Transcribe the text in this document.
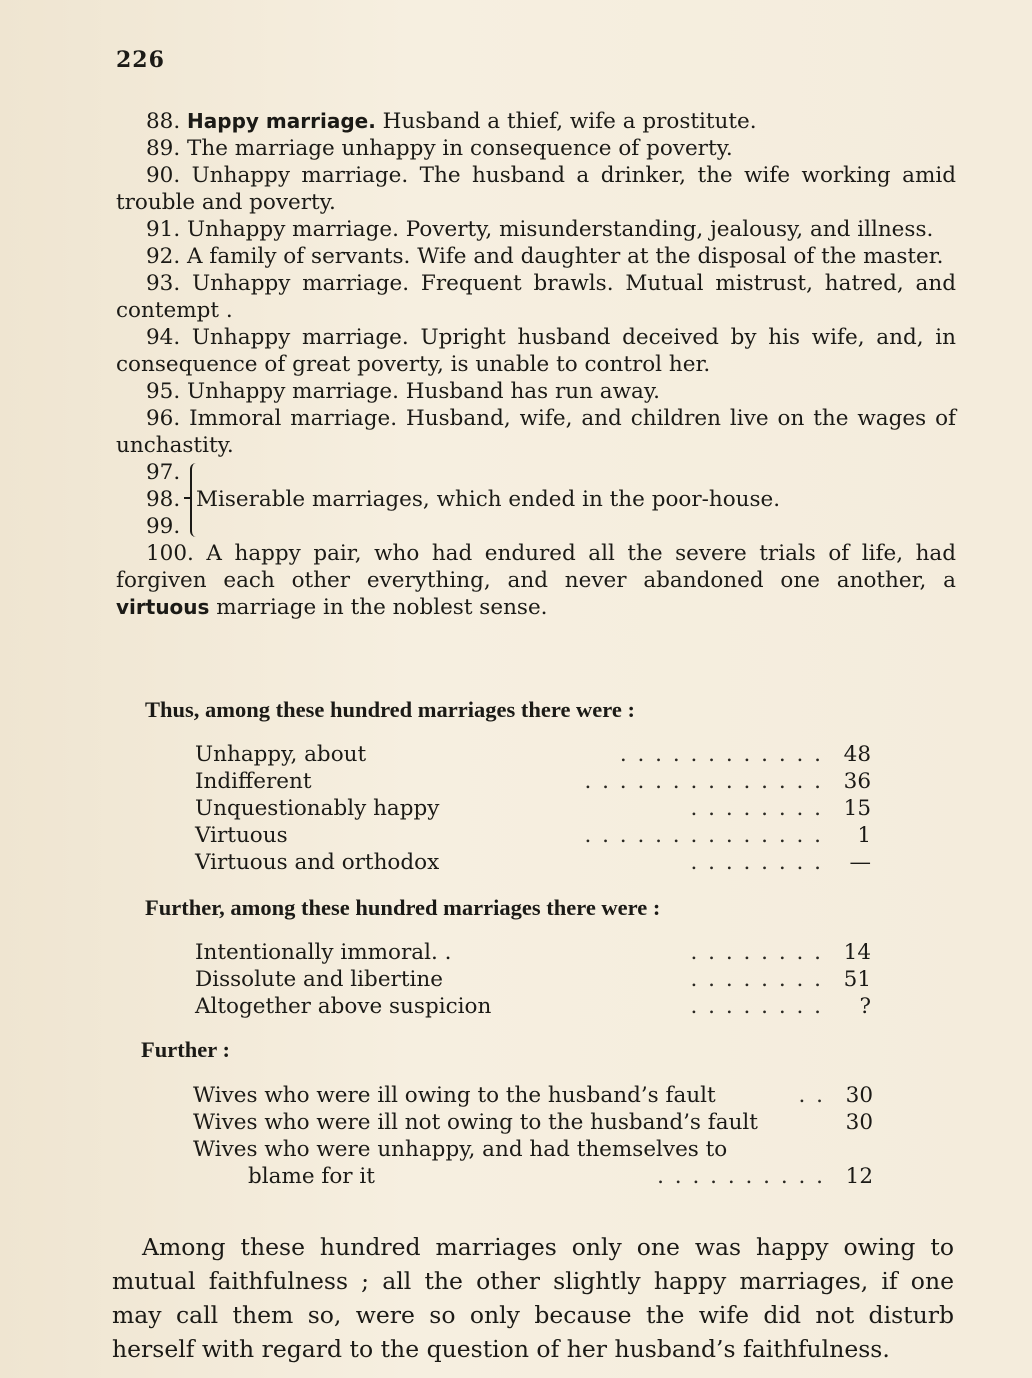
226

88. Happy marriage. Husband a thief, wife a prostitute.

89. The marriage unhappy in consequence of poverty.

90. Unhappy marriage. The husband a drinker, the wife working amid trouble and poverty.

91. Unhappy marriage. Poverty, misunderstanding, jealousy, and illness.

92. A family of servants. Wife and daughter at the disposal of the master.

93. Unhappy marriage. Frequent brawls. Mutual mistrust, hatred, and contempt .

94. Unhappy marriage. Upright husband deceived by his wife, and, in consequence of great poverty, is unable to control her.

95. Unhappy marriage. Husband has run away.

96. Immoral marriage. Husband, wife, and children live on the wages of unchastity.

97.
98.
99.
Miserable marriages, which ended in the poor-house.

100. A happy pair, who had endured all the severe trials of life, had forgiven each other everything, and never abandoned one another, a virtuous marriage in the noblest sense.

Thus, among these hundred marriages there were :
Unhappy, about	. . . . . . . . . . . . 48
Indifferent	. . . . . . . . . . . . . . 36
Unquestionably happy	. . . . . . . . 15
Virtuous	. . . . . . . . . . . . . .	1
Virtuous and orthodox	. . . . . . . .	—
Further, among these hundred marriages there were :
Intentionally immoral. .	. . . . . . . . 14
Dissolute and libertine	. . . . . . . . 51
Altogether above suspicion	. . . . . . . .	?
Further :
Wives who were ill owing to the husband’s fault	. . 30
Wives who were ill not owing to the husband’s fault	30
Wives who were unhappy, and had themselves to
blame for it	. . . . . . . . . . 12

Among these hundred marriages only one was happy owing to mutual faithfulness ; all the other slightly happy marriages, if one may call them so, were so only because the wife did not disturb herself with regard to the question of her husband’s faithfulness.
